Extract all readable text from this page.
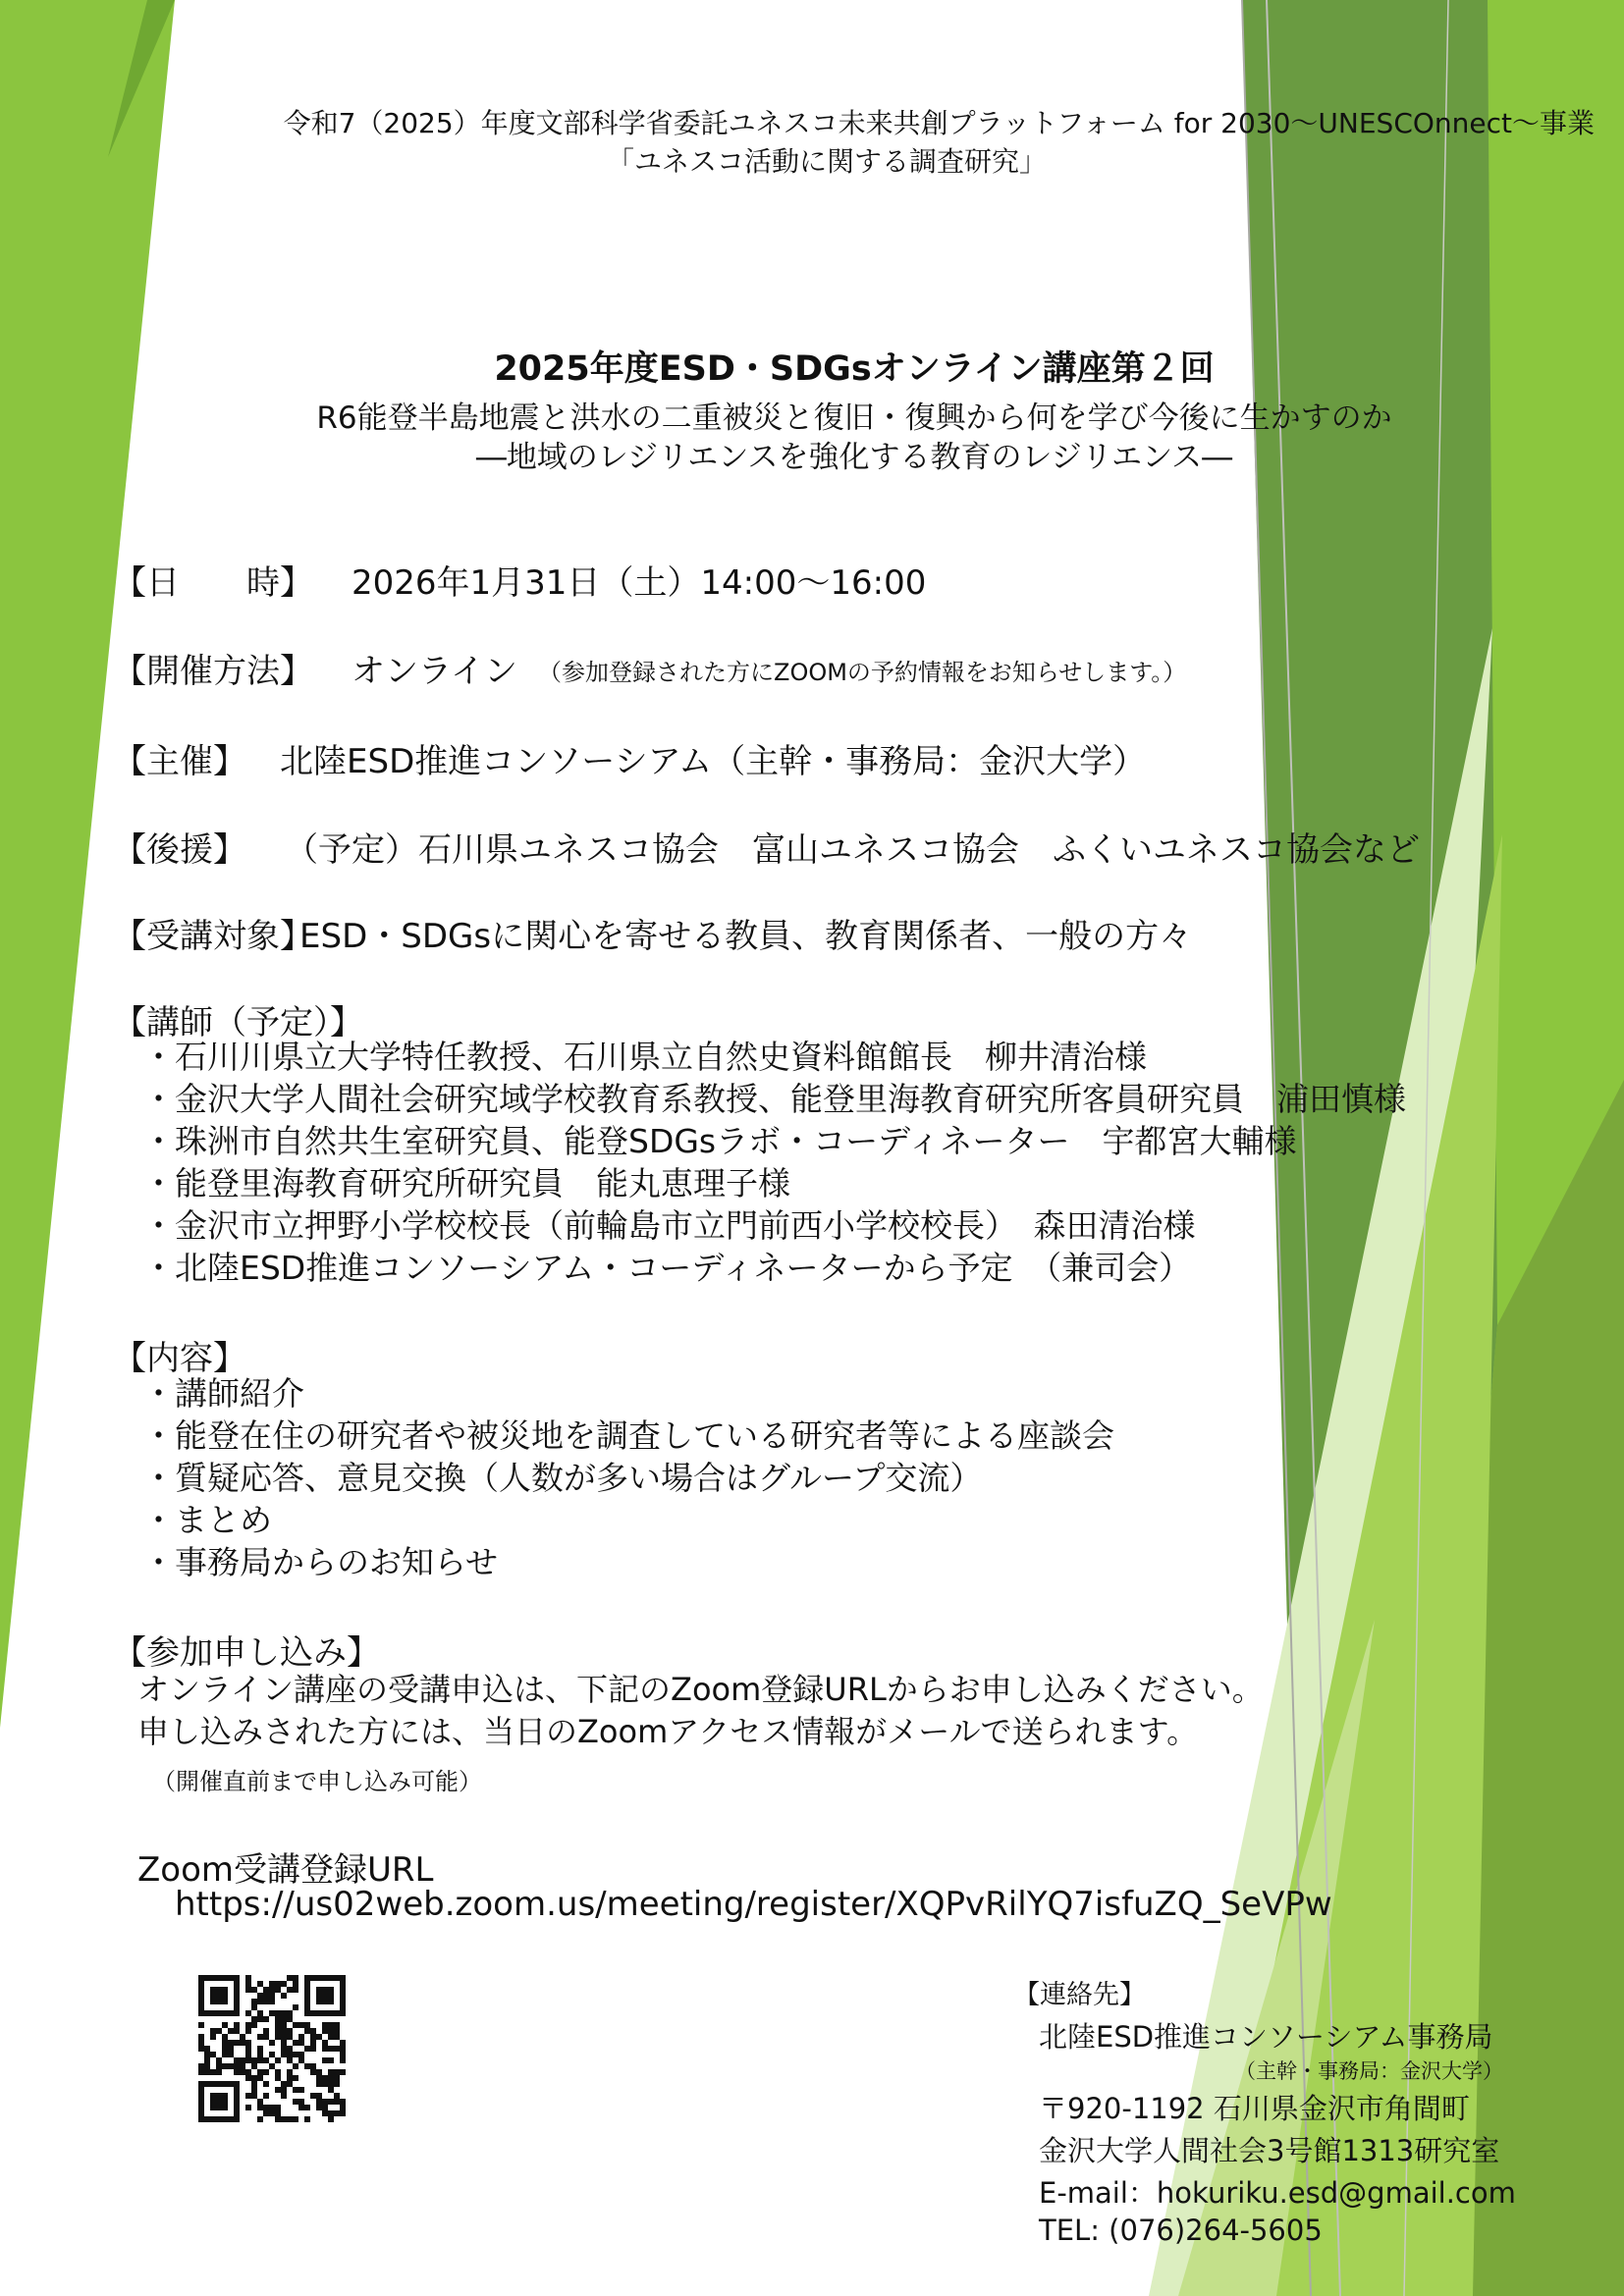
令和7（2025）年度文部科学省委託ユネスコ未来共創プラットフォーム for 2030～UNESCOnnect～事業
「ユネスコ活動に関する調査研究」
2025年度ESD・SDGsオンライン講座第２回
R6能登半島地震と洪水の二重被災と復旧・復興から何を学び今後に生かすのか
―地域のレジリエンスを強化する教育のレジリエンス―
【日　　時】 2026年1月31日（土）14:00～16:00
【開催方法】 オンライン （参加登録された方にZOOMの予約情報をお知らせします。）
【主催】 北陸ESD推進コンソーシアム（主幹・事務局：金沢大学）
【後援】 （予定）石川県ユネスコ協会　富山ユネスコ協会　ふくいユネスコ協会など
【受講対象】
ESD・SDGsに関心を寄せる教員、教育関係者、一般の方々
【講師（予定）】
・石川川県立大学特任教授、石川県立自然史資料館館長　柳井清治様
・金沢大学人間社会研究域学校教育系教授、能登里海教育研究所客員研究員　浦田慎様
・珠洲市自然共生室研究員、能登SDGsラボ・コーディネーター　宇都宮大輔様
・能登里海教育研究所研究員　能丸恵理子様
・金沢市立押野小学校校長（前輪島市立門前西小学校校長）　森田清治様
・北陸ESD推進コンソーシアム・コーディネーターから予定　（兼司会）
【内容】
・講師紹介
・能登在住の研究者や被災地を調査している研究者等による座談会
・質疑応答、意見交換（人数が多い場合はグループ交流）
・まとめ
・事務局からのお知らせ
【参加申し込み】
オンライン講座の受講申込は、下記のZoom登録URLからお申し込みください。
申し込みされた方には、当日のZoomアクセス情報がメールで送られます。
（開催直前まで申し込み可能）
Zoom受講登録URL
https://us02web.zoom.us/meeting/register/XQPvRilYQ7isfuZQ_SeVPw
【連絡先】
北陸ESD推進コンソーシアム事務局
（主幹・事務局：金沢大学）
〒920-1192 石川県金沢市角間町
金沢大学人間社会3号館1313研究室
E-mail：hokuriku.esd@gmail.com
TEL: (076)264-5605
